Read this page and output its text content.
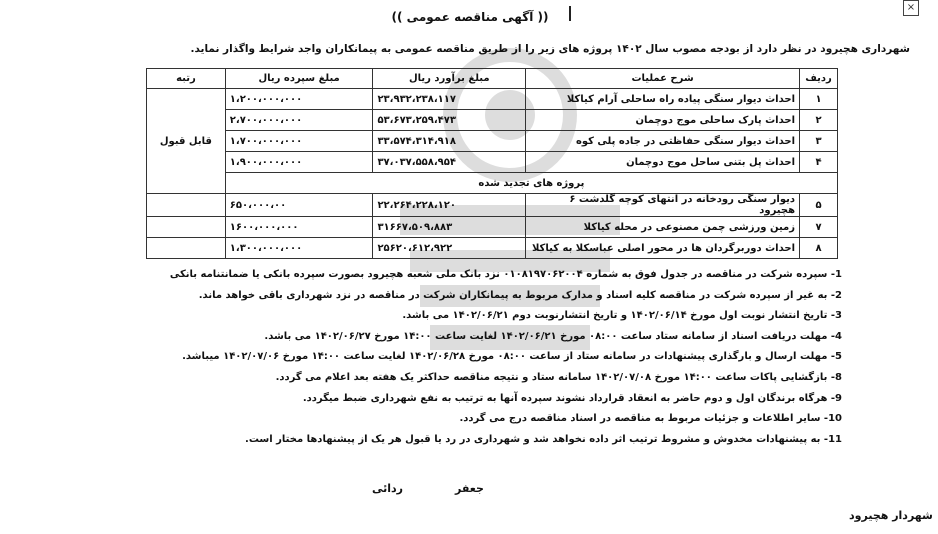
×
(( آگهی مناقصه عمومی ))
شهرداری هچیرود در نظر دارد از بودجه مصوب سال ۱۴۰۲ پروژه های زیر را از طریق مناقصه عمومی به پیمانکاران واجد شرایط واگذار نماید.
ردیف	شرح عملیات	مبلغ برآورد ریال	مبلغ سپرده ریال	رتبه
۱	احداث دیوار سنگی پیاده راه ساحلی آرام کیاکلا	۲۳،۹۳۲،۲۳۸،۱۱۷	۱،۲۰۰،۰۰۰،۰۰۰	قابل قبول
۲	احداث پارک ساحلی موج دوچمان	۵۳،۶۷۳،۲۵۹،۴۷۳	۲،۷۰۰،۰۰۰،۰۰۰	
۳	احداث دیوار سنگی حفاظتی در جاده پلی کوه	۳۳،۵۷۴،۳۱۴،۹۱۸	۱،۷۰۰،۰۰۰،۰۰۰	
۴	احداث پل بتنی ساحل موج دوچمان	۳۷،۰۳۷،۵۵۸،۹۵۴	۱،۹۰۰،۰۰۰،۰۰۰	
پروژه های تجدید شده				
۵	دیوار سنگی رودخانه در انتهای کوچه گلدشت ۶ هچیرود	۲۲،۲۶۴،۲۲۸،۱۲۰	۶۵۰،۰۰۰،۰۰	
۷	زمین ورزشی چمن مصنوعی در محله کیاکلا	۳۱۶۶۷،۵۰۹،۸۸۳	۱۶۰۰،۰۰۰،۰۰۰	
۸	احداث دوربرگردان ها در محور اصلی عباسکلا به کیاکلا	۲۵۶۲۰،۶۱۲،۹۲۲	۱،۳۰۰،۰۰۰،۰۰۰	
1- سپرده شرکت در مناقصه در جدول فوق به شماره ۰۱۰۸۱۹۷۰۶۲۰۰۴ نزد بانک ملی شعبه هچیرود بصورت سپرده بانکی یا ضمانتنامه بانکی
2- به غیر از سپرده شرکت در مناقصه کلیه اسناد و مدارک مربوط به پیمانکاران شرکت در مناقصه در نزد شهرداری باقی خواهد ماند.
3- تاریخ انتشار نوبت اول مورخ ۱۴۰۲/۰۶/۱۴ و تاریخ انتشارنوبت دوم ۱۴۰۲/۰۶/۲۱ می باشد.
4- مهلت دریافت اسناد از سامانه ستاد ساعت ۰۸:۰۰ مورخ ۱۴۰۲/۰۶/۲۱ لغایت ساعت ۱۴:۰۰ مورخ ۱۴۰۲/۰۶/۲۷ می باشد.
5- مهلت ارسال و بارگذاری پیشنهادات در سامانه ستاد از ساعت ۰۸:۰۰ مورخ ۱۴۰۲/۰۶/۲۸ لغایت ساعت ۱۴:۰۰ مورخ ۱۴۰۲/۰۷/۰۶ میباشد.
8- بازگشایی پاکات ساعت ۱۴:۰۰ مورخ ۱۴۰۲/۰۷/۰۸ سامانه ستاد و نتیجه مناقصه حداکثر یک هفته بعد اعلام می گردد.
9- هرگاه برندگان اول و دوم حاضر به انعقاد قرارداد نشوند سپرده آنها به ترتیب به نفع شهرداری ضبط میگردد.
10- سایر اطلاعات و جزئیات مربوط به مناقصه در اسناد مناقصه درج می گردد.
11- به پیشنهادات مخدوش و مشروط ترتیب اثر داده نخواهد شد و شهرداری در رد یا قبول هر یک از پیشنهادها مختار است.
جعفر
ردائی
شهردار هچیرود
